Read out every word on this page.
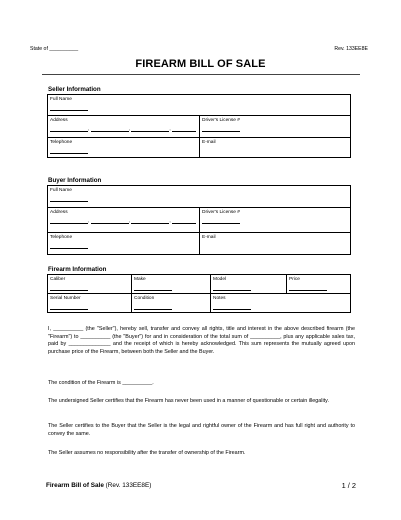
State of __________	Rev. 133EE8E
FIREARM BILL OF SALE
Seller Information
Full Name	

Address
, , ,	Driver's License #

Telephone	E-mail
Buyer Information
Full Name	

Address
, , ,	Driver's License #

Telephone	E-mail
Firearm Information
Caliber	Make	Model	Price

Serial Number	Condition	Notes	
I, __________ (the "Seller"), hereby sell, transfer and convey all rights, title and interest in the above described firearm (the "Firearm") to __________ (the "Buyer") for and in consideration of the total sum of __________, plus any applicable sales tax, paid by ______________ and the receipt of which is hereby acknowledged. This sum represents the mutually agreed upon purchase price of the Firearm, between both the Seller and the Buyer.
The condition of the Firearm is __________.
The undersigned Seller certifies that the Firearm has never been used in a manner of questionable or certain illegality.
The Seller certifies to the Buyer that the Seller is the legal and rightful owner of the Firearm and has full right and authority to convey the same.
The Seller assumes no responsibility after the transfer of ownership of the Firearm.
Firearm Bill of Sale (Rev. 133EE8E)	1 / 2
